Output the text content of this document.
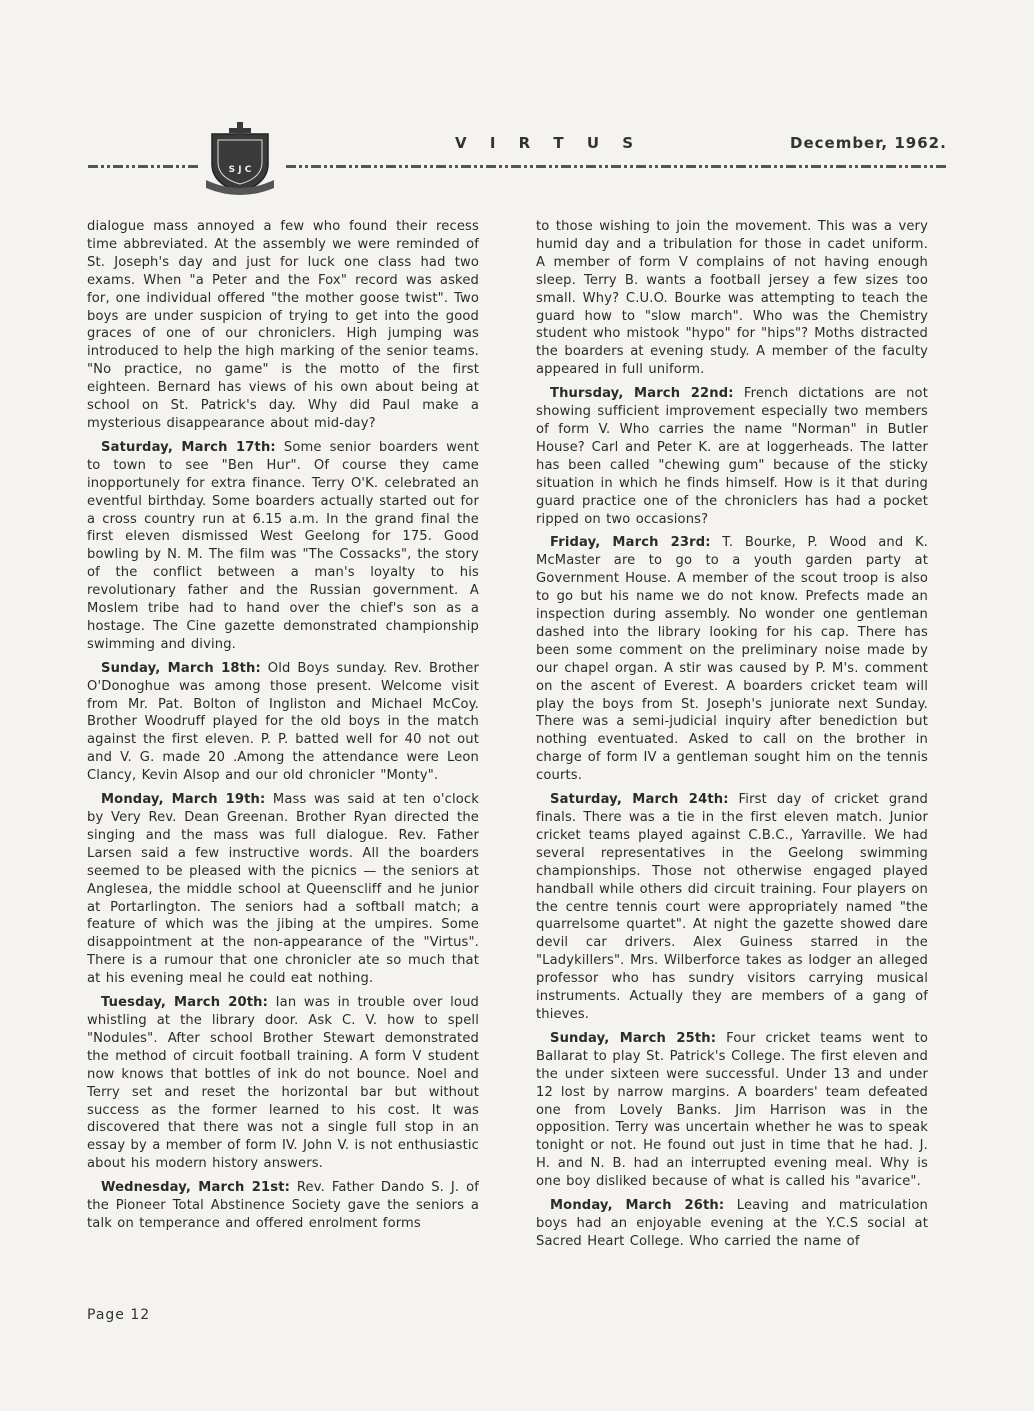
S J C
V I R T U S	December, 1962.

dialogue mass annoyed a few who found their recess time abbreviated. At the assembly we were reminded of St. Joseph's day and just for luck one class had two exams. When "a Peter and the Fox" record was asked for, one individual offered "the mother goose twist". Two boys are under suspicion of trying to get into the good graces of one of our chroniclers. High jumping was introduced to help the high marking of the senior teams. "No practice, no game" is the motto of the first eighteen. Bernard has views of his own about being at school on St. Patrick's day. Why did Paul make a mysterious disappearance about mid-day?

Saturday, March 17th: Some senior boarders went to town to see "Ben Hur". Of course they came inopportunely for extra finance. Terry O'K. celebrated an eventful birthday. Some boarders actually started out for a cross country run at 6.15 a.m. In the grand final the first eleven dismissed West Geelong for 175. Good bowling by N. M. The film was "The Cossacks", the story of the conflict between a man's loyalty to his revolutionary father and the Russian government. A Moslem tribe had to hand over the chief's son as a hostage. The Cine gazette demonstrated championship swimming and diving.

Sunday, March 18th: Old Boys sunday. Rev. Brother O'Donoghue was among those present. Welcome visit from Mr. Pat. Bolton of Ingliston and Michael McCoy. Brother Woodruff played for the old boys in the match against the first eleven. P. P. batted well for 40 not out and V. G. made 20 .Among the attendance were Leon Clancy, Kevin Alsop and our old chronicler "Monty".

Monday, March 19th: Mass was said at ten o'clock by Very Rev. Dean Greenan. Brother Ryan directed the singing and the mass was full dialogue. Rev. Father Larsen said a few instructive words. All the boarders seemed to be pleased with the picnics — the seniors at Anglesea, the middle school at Queenscliff and he junior at Portarlington. The seniors had a softball match; a feature of which was the jibing at the umpires. Some disappointment at the non-appearance of the "Virtus". There is a rumour that one chronicler ate so much that at his evening meal he could eat nothing.

Tuesday, March 20th: Ian was in trouble over loud whistling at the library door. Ask C. V. how to spell "Nodules". After school Brother Stewart demonstrated the method of circuit football training. A form V student now knows that bottles of ink do not bounce. Noel and Terry set and reset the horizontal bar but without success as the former learned to his cost. It was discovered that there was not a single full stop in an essay by a member of form IV. John V. is not enthusiastic about his modern history answers.

Wednesday, March 21st: Rev. Father Dando S. J. of the Pioneer Total Abstinence Society gave the seniors a talk on temperance and offered enrolment forms

to those wishing to join the movement. This was a very humid day and a tribulation for those in cadet uniform. A member of form V complains of not having enough sleep. Terry B. wants a football jersey a few sizes too small. Why? C.U.O. Bourke was attempting to teach the guard how to "slow march". Who was the Chemistry student who mistook "hypo" for "hips"? Moths distracted the boarders at evening study. A member of the faculty appeared in full uniform.

Thursday, March 22nd: French dictations are not showing sufficient improvement especially two members of form V. Who carries the name "Norman" in Butler House? Carl and Peter K. are at loggerheads. The latter has been called "chewing gum" because of the sticky situation in which he finds himself. How is it that during guard practice one of the chroniclers has had a pocket ripped on two occasions?

Friday, March 23rd: T. Bourke, P. Wood and K. McMaster are to go to a youth garden party at Government House. A member of the scout troop is also to go but his name we do not know. Prefects made an inspection during assembly. No wonder one gentleman dashed into the library looking for his cap. There has been some comment on the preliminary noise made by our chapel organ. A stir was caused by P. M's. comment on the ascent of Everest. A boarders cricket team will play the boys from St. Joseph's juniorate next Sunday. There was a semi-judicial inquiry after benediction but nothing eventuated. Asked to call on the brother in charge of form IV a gentleman sought him on the tennis courts.

Saturday, March 24th: First day of cricket grand finals. There was a tie in the first eleven match. Junior cricket teams played against C.B.C., Yarraville. We had several representatives in the Geelong swimming championships. Those not otherwise engaged played handball while others did circuit training. Four players on the centre tennis court were appropriately named "the quarrelsome quartet". At night the gazette showed dare devil car drivers. Alex Guiness starred in the "Ladykillers". Mrs. Wilberforce takes as lodger an alleged professor who has sundry visitors carrying musical instruments. Actually they are members of a gang of thieves.

Sunday, March 25th: Four cricket teams went to Ballarat to play St. Patrick's College. The first eleven and the under sixteen were successful. Under 13 and under 12 lost by narrow margins. A boarders' team defeated one from Lovely Banks. Jim Harrison was in the opposition. Terry was uncertain whether he was to speak tonight or not. He found out just in time that he had. J. H. and N. B. had an interrupted evening meal. Why is one boy disliked because of what is called his "avarice".

Monday, March 26th: Leaving and matriculation boys had an enjoyable evening at the Y.C.S social at Sacred Heart College. Who carried the name of

Page 12
